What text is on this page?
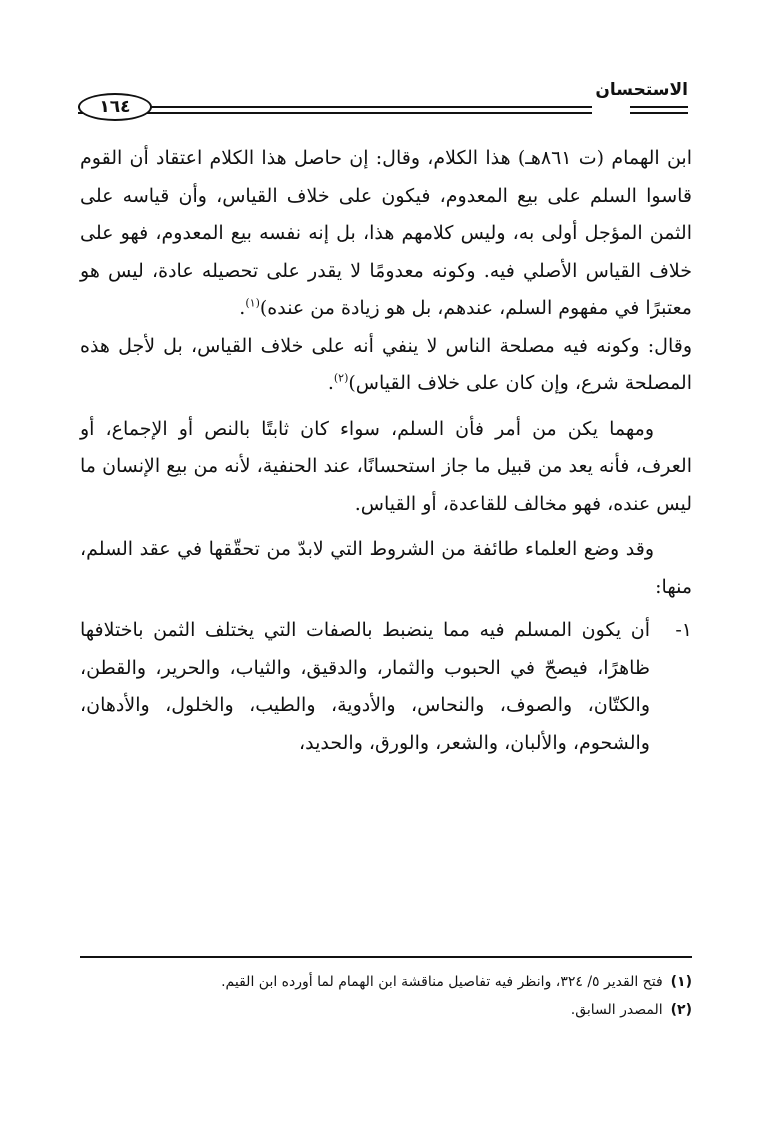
الاستحسان
١٦٤

ابن الهمام (ت ٨٦١هـ) هذا الكلام، وقال: إن حاصل هذا الكلام اعتقاد أن القوم قاسوا السلم على بيع المعدوم، فيكون على خلاف القياس، وأن قياسه على الثمن المؤجل أولى به، وليس كلامهم هذا، بل إنه نفسه بيع المعدوم، فهو على خلاف القياس الأصلي فيه. وكونه معدومًا لا يقدر على تحصيله عادة، ليس هو معتبرًا في مفهوم السلم، عندهم، بل هو زيادة من عنده)$^{(١)}$.

وقال: وكونه فيه مصلحة الناس لا ينفي أنه على خلاف القياس، بل لأجل هذه المصلحة شرع، وإن كان على خلاف القياس)$^{(٢)}$.

ومهما يكن من أمر فأن السلم، سواء كان ثابتًا بالنص أو الإجماع، أو العرف، فأنه يعد من قبيل ما جاز استحسانًا، عند الحنفية، لأنه من بيع الإنسان ما ليس عنده، فهو مخالف للقاعدة، أو القياس.

وقد وضع العلماء طائفة من الشروط التي لابدّ من تحقّقها في عقد السلم، منها:

١-
أن يكون المسلم فيه مما ينضبط بالصفات التي يختلف الثمن باختلافها ظاهرًا، فيصحّ في الحبوب والثمار، والدقيق، والثياب، والحرير، والقطن، والكتّان، والصوف، والنحاس، والأدوية، والطيب، والخلول، والأدهان، والشحوم، والألبان، والشعر، والورق، والحديد،

(١)فتح القدير ٥/ ٣٢٤، وانظر فيه تفاصيل مناقشة ابن الهمام لما أورده ابن القيم.

(٢)المصدر السابق.
